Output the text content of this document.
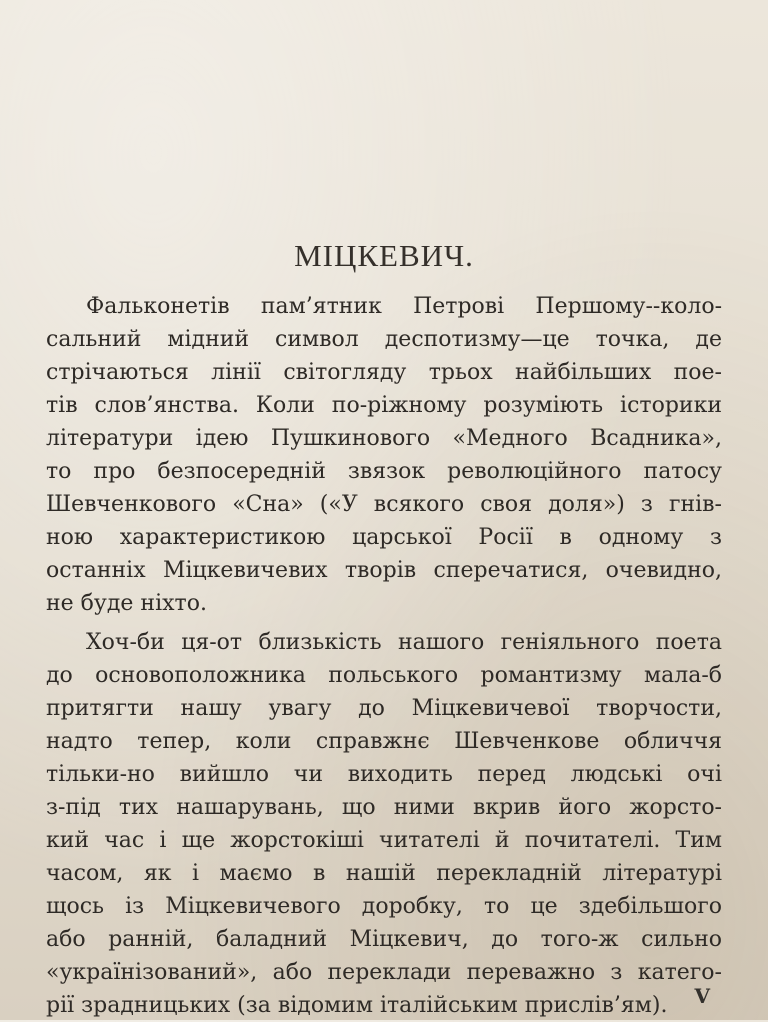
МІЦКЕВИЧ.
Фальконетів пам’ятник Петрові Першому--коло-
сальний мідний символ деспотизму—це точка, де
стрічаються лінії світогляду трьох найбільших пое-
тів слов’янства. Коли по-ріжному розуміють історики
літератури ідею Пушкинового «Медного Всадника»,
то про безпосередній звязок революційного патосу
Шевченкового «Сна» («У всякого своя доля») з гнів-
ною характеристикою царської Росії в одному з
останніх Міцкевичевих творів сперечатися, очевидно,
не буде ніхто.
Хоч-би ця-от близькість нашого геніяльного поета
до основоположника польського романтизму мала-б
притягти нашу увагу до Міцкевичевої творчости,
надто тепер, коли справжнє Шевченкове обличчя
тільки-но вийшло чи виходить перед людські очі
з-під тих нашарувань, що ними вкрив його жорсто-
кий час і ще жорстокіші читателі й почитателі. Тим
часом, як і маємо в нашій перекладній літературі
щось із Міцкевичевого доробку, то це здебільшого
або ранній, баладний Міцкевич, до того-ж сильно
«українізований», або переклади переважно з катего-
рії зрадницьких (за відомим італійським прислів’ям).	V
